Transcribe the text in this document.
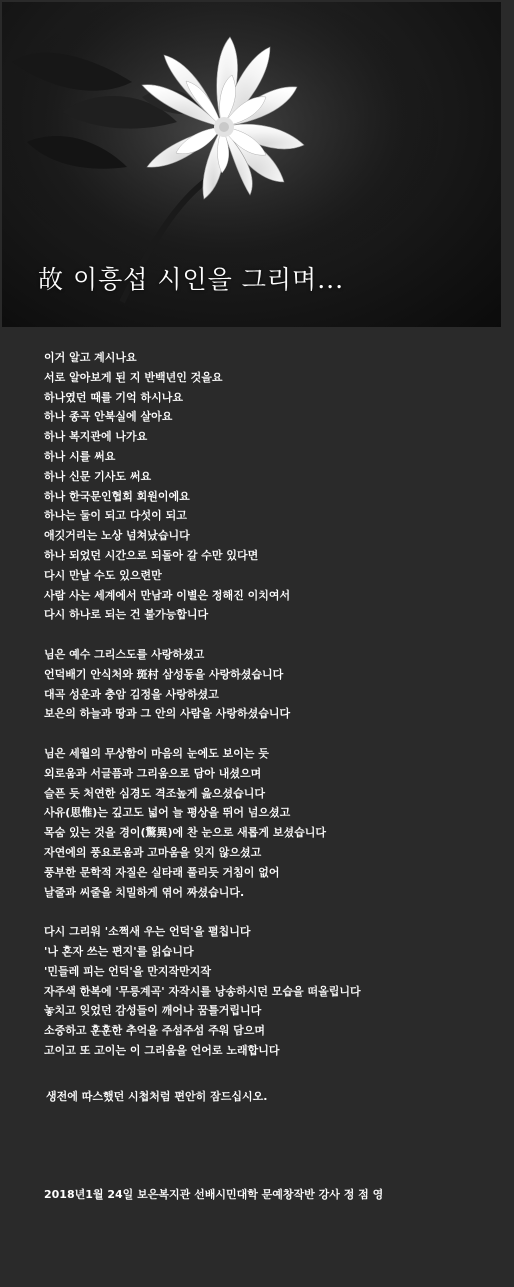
故 이흥섭 시인을 그리며...
이거 알고 계시나요
서로 알아보게 된 지 반백년인 것을요
하나였던 때를 기억 하시나요
하나 종곡 안북실에 살아요
하나 복지관에 나가요
하나 시를 써요
하나 신문 기사도 써요
하나 한국문인협회 회원이에요
하나는 둘이 되고 다섯이 되고
애깃거리는 노상 넘쳐났습니다
하나 되었던 시간으로 되돌아 갈 수만 있다면
다시 만날 수도 있으련만
사람 사는 세계에서 만남과 이별은 정해진 이치여서
다시 하나로 되는 건 불가능합니다
님은 예수 그리스도를 사랑하셨고
언덕배기 안식처와 斑村 삼성동을 사랑하셨습니다
대곡 성운과 충암 김정을 사랑하셨고
보은의 하늘과 땅과 그 안의 사람을 사랑하셨습니다
님은 세월의 무상함이 마음의 눈에도 보이는 듯
외로움과 서글픔과 그리움으로 담아 내셨으며
슬픈 듯 처연한 심경도 격조높게 읊으셨습니다
사유(思惟)는 깊고도 넓어 늘 평상을 뛰어 넘으셨고
목숨 있는 것을 경이(驚異)에 찬 눈으로 새롭게 보셨습니다
자연에의 풍요로움과 고마움을 잊지 않으셨고
풍부한 문학적 자질은 실타래 풀리듯 거침이 없어
날줄과 씨줄을 치밀하게 엮어 짜셨습니다.
다시 그리워 '소쩍새 우는 언덕'을 펼칩니다
'나 혼자 쓰는 편지'를 읽습니다
'민들레 피는 언덕'을 만지작만지작
자주색 한복에 '무릉계곡' 자작시를 낭송하시던 모습을 떠올립니다
놓치고 잊었던 감성들이 깨어나 꿈틀거립니다
소중하고 훈훈한 추억을 주섬주섬 주워 담으며
고이고 또 고이는 이 그리움을 언어로 노래합니다
생전에 따스했던 시첩처럼 편안히 잠드십시오.
2018년1월 24일 보은복지관 선배시민대학 문예창작반 강사 정 점 영
